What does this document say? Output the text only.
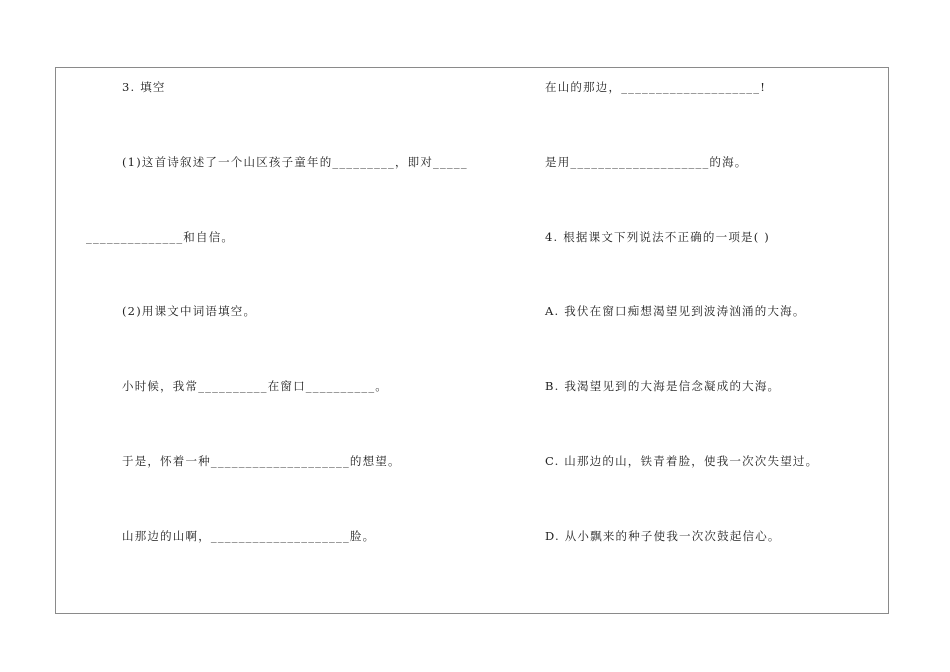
3. 填空
(1)这首诗叙述了一个山区孩子童年的_________，即对_____
______________和自信。
(2)用课文中词语填空。
小时候，我常__________在窗口__________。
于是，怀着一种____________________的想望。
山那边的山啊，____________________脸。
在山的那边，____________________!
是用____________________的海。
4. 根据课文下列说法不正确的一项是( )
A. 我伏在窗口痴想渴望见到波涛汹涌的大海。
B. 我渴望见到的大海是信念凝成的大海。
C. 山那边的山，铁青着脸，使我一次次失望过。
D. 从小飘来的种子使我一次次鼓起信心。
